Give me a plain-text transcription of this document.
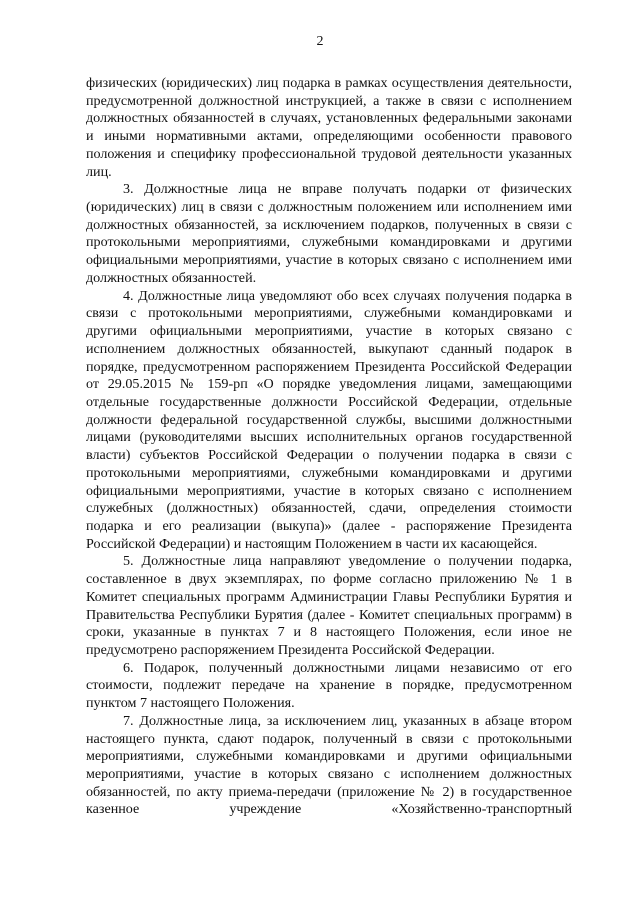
2

физических (юридических) лиц подарка в рамках осуществления деятельности, предусмотренной должностной инструкцией, а также в связи с исполнением должностных обязанностей в случаях, установленных федеральными законами и иными нормативными актами, определяющими особенности правового положения и специфику профессиональной трудовой деятельности указанных лиц.

3. Должностные лица не вправе получать подарки от физических (юридических) лиц в связи с должностным положением или исполнением ими должностных обязанностей, за исключением подарков, полученных в связи с протокольными мероприятиями, служебными командировками и другими официальными мероприятиями, участие в которых связано с исполнением ими должностных обязанностей.

4. Должностные лица уведомляют обо всех случаях получения подарка в связи с протокольными мероприятиями, служебными командировками и другими официальными мероприятиями, участие в которых связано с исполнением должностных обязанностей, выкупают сданный подарок в порядке, предусмотренном распоряжением Президента Российской Федерации от 29.05.2015 № 159-рп «О порядке уведомления лицами, замещающими отдельные государственные должности Российской Федерации, отдельные должности федеральной государственной службы, высшими должностными лицами (руководителями высших исполнительных органов государственной власти) субъектов Российской Федерации о получении подарка в связи с протокольными мероприятиями, служебными командировками и другими официальными мероприятиями, участие в которых связано с исполнением служебных (должностных) обязанностей, сдачи, определения стоимости подарка и его реализации (выкупа)» (далее - распоряжение Президента Российской Федерации) и настоящим Положением в части их касающейся.

5. Должностные лица направляют уведомление о получении подарка, составленное в двух экземплярах, по форме согласно приложению № 1 в Комитет специальных программ Администрации Главы Республики Бурятия и Правительства Республики Бурятия (далее - Комитет специальных программ) в сроки, указанные в пунктах 7 и 8 настоящего Положения, если иное не предусмотрено распоряжением Президента Российской Федерации.

6. Подарок, полученный должностными лицами независимо от его стоимости, подлежит передаче на хранение в порядке, предусмотренном пунктом 7 настоящего Положения.

7. Должностные лица, за исключением лиц, указанных в абзаце втором настоящего пункта, сдают подарок, полученный в связи с протокольными мероприятиями, служебными командировками и другими официальными мероприятиями, участие в которых связано с исполнением должностных обязанностей, по акту приема-передачи (приложение № 2) в государственное казенное учреждение «Хозяйственно-транспортный
